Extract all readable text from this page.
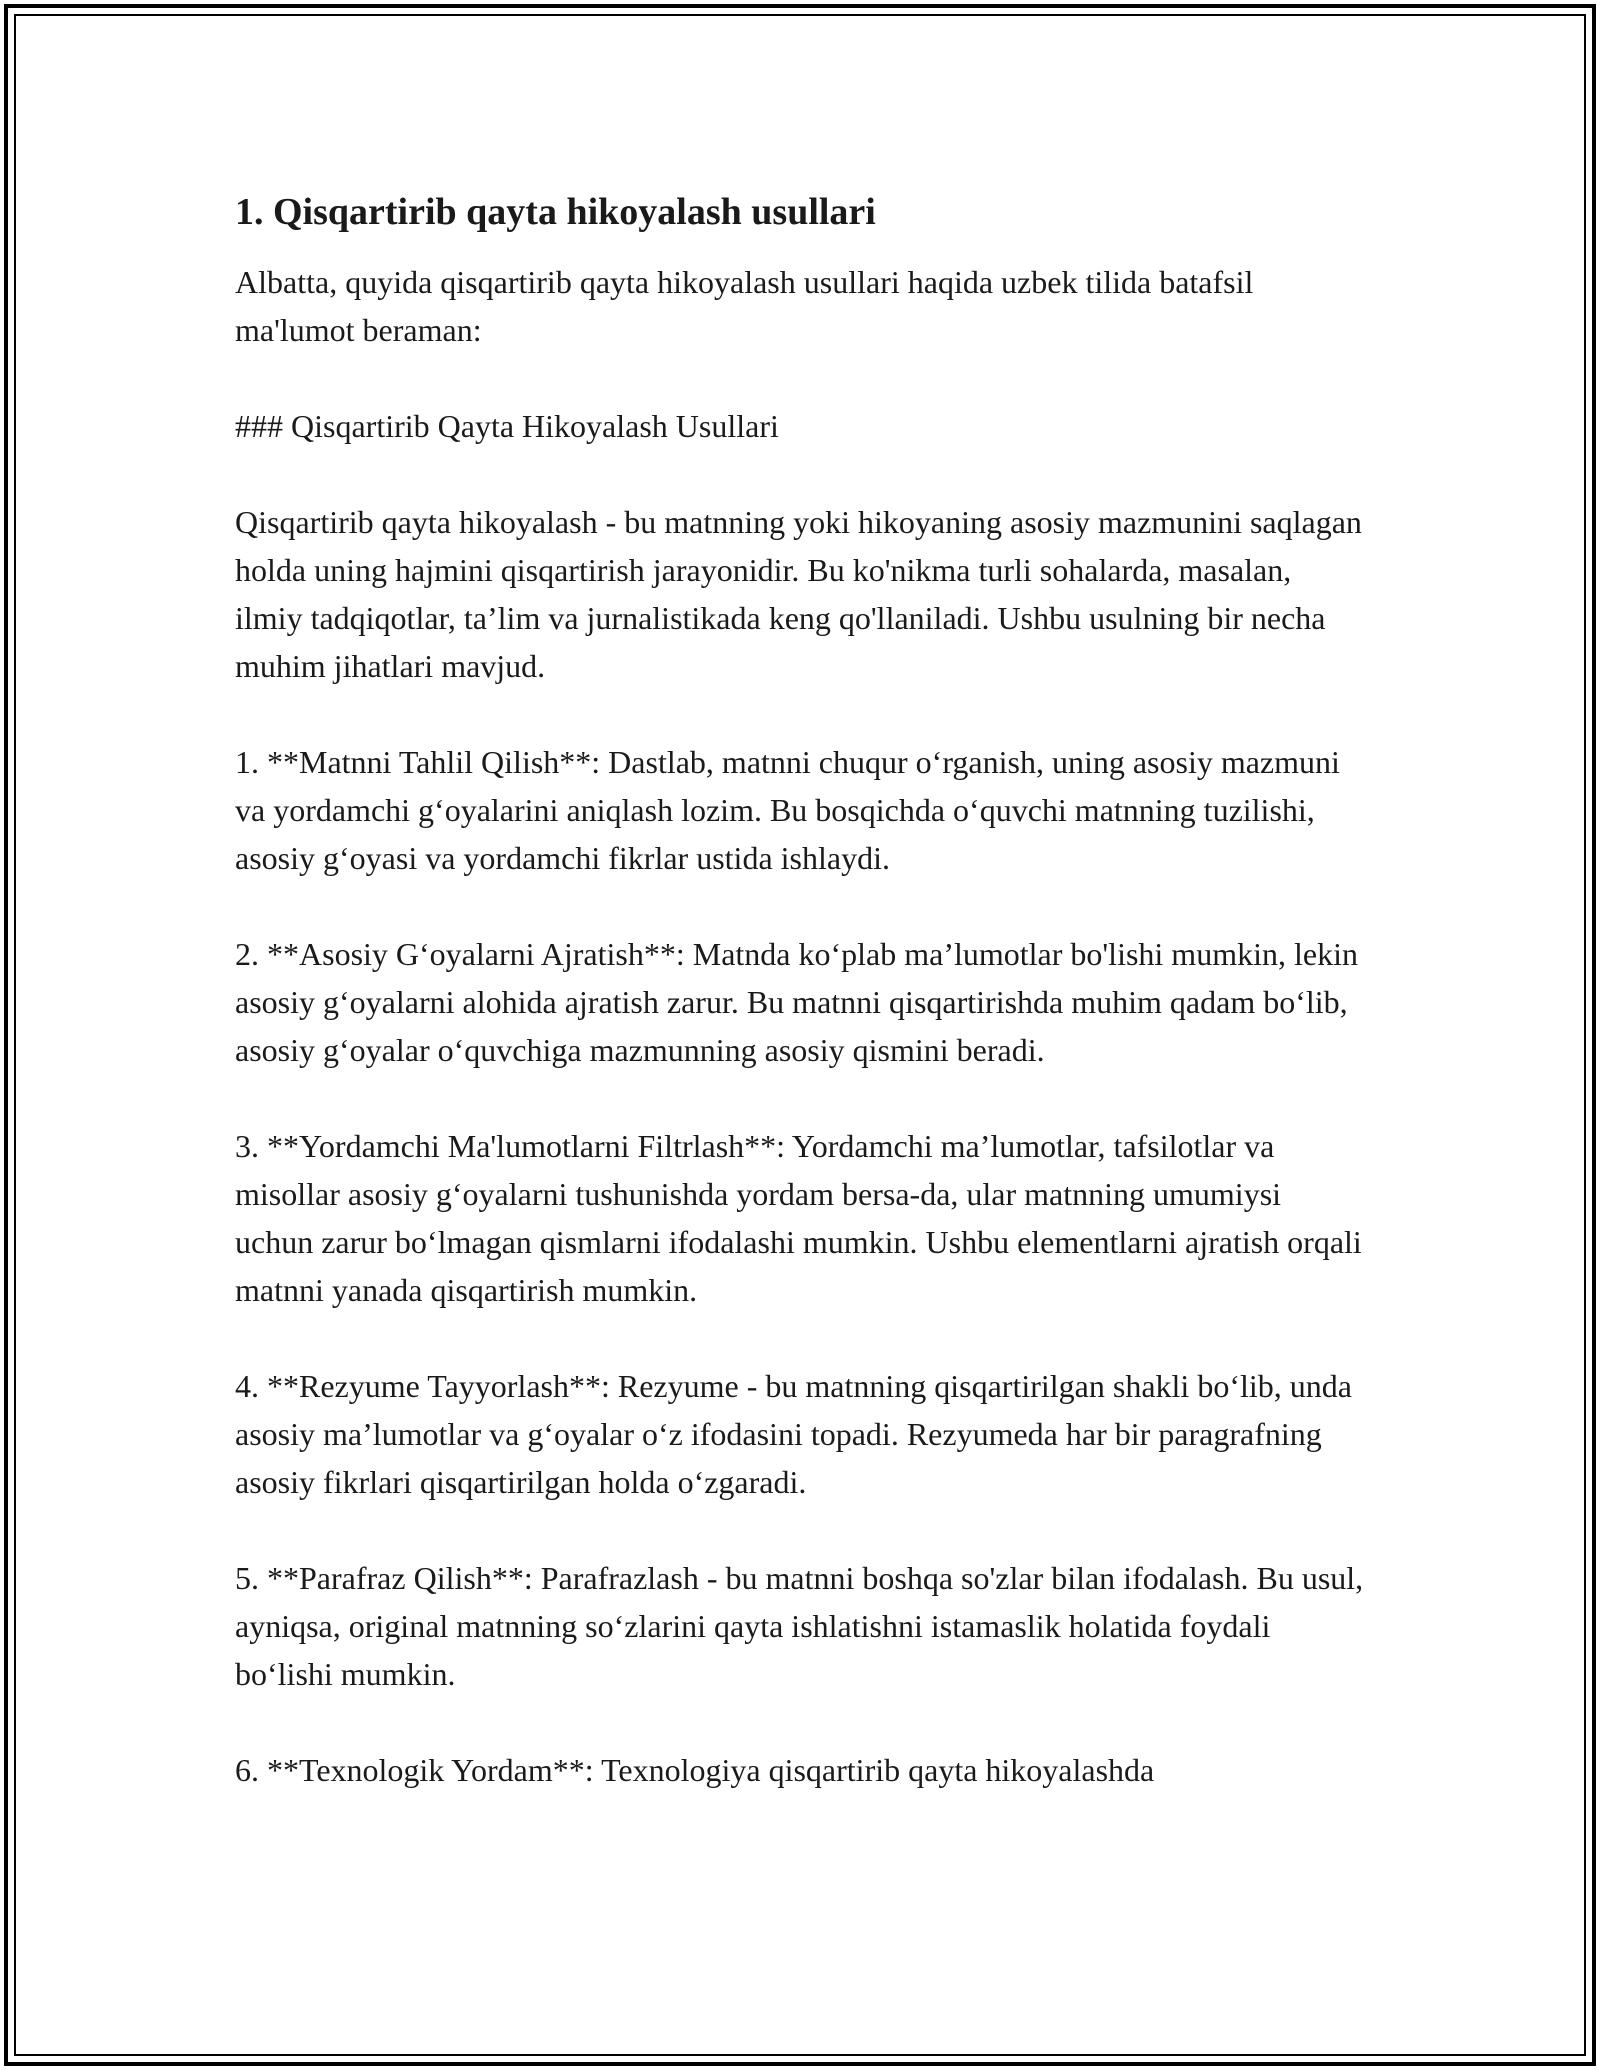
1. Qisqartirib qayta hikoyalash usullari

Albatta, quyida qisqartirib qayta hikoyalash usullari haqida uzbek tilida batafsil ma'lumot beraman:

### Qisqartirib Qayta Hikoyalash Usullari

Qisqartirib qayta hikoyalash - bu matnning yoki hikoyaning asosiy mazmunini saqlagan holda uning hajmini qisqartirish jarayonidir. Bu ko'nikma turli sohalarda, masalan, ilmiy tadqiqotlar, ta’lim va jurnalistikada keng qo'llaniladi. Ushbu usulning bir necha muhim jihatlari mavjud.

1. **Matnni Tahlil Qilish**: Dastlab, matnni chuqur o‘rganish, uning asosiy mazmuni va yordamchi g‘oyalarini aniqlash lozim. Bu bosqichda o‘quvchi matnning tuzilishi, asosiy g‘oyasi va yordamchi fikrlar ustida ishlaydi.

2. **Asosiy G‘oyalarni Ajratish**: Matnda ko‘plab ma’lumotlar bo'lishi mumkin, lekin asosiy g‘oyalarni alohida ajratish zarur. Bu matnni qisqartirishda muhim qadam bo‘lib, asosiy g‘oyalar o‘quvchiga mazmunning asosiy qismini beradi.

3. **Yordamchi Ma'lumotlarni Filtrlash**: Yordamchi ma’lumotlar, tafsilotlar va misollar asosiy g‘oyalarni tushunishda yordam bersa-da, ular matnning umumiysi uchun zarur bo‘lmagan qismlarni ifodalashi mumkin. Ushbu elementlarni ajratish orqali matnni yanada qisqartirish mumkin.

4. **Rezyume Tayyorlash**: Rezyume - bu matnning qisqartirilgan shakli bo‘lib, unda asosiy ma’lumotlar va g‘oyalar o‘z ifodasini topadi. Rezyumeda har bir paragrafning asosiy fikrlari qisqartirilgan holda o‘zgaradi.

5. **Parafraz Qilish**: Parafrazlash - bu matnni boshqa so'zlar bilan ifodalash. Bu usul, ayniqsa, original matnning so‘zlarini qayta ishlatishni istamaslik holatida foydali bo‘lishi mumkin.

6. **Texnologik Yordam**: Texnologiya qisqartirib qayta hikoyalashda
